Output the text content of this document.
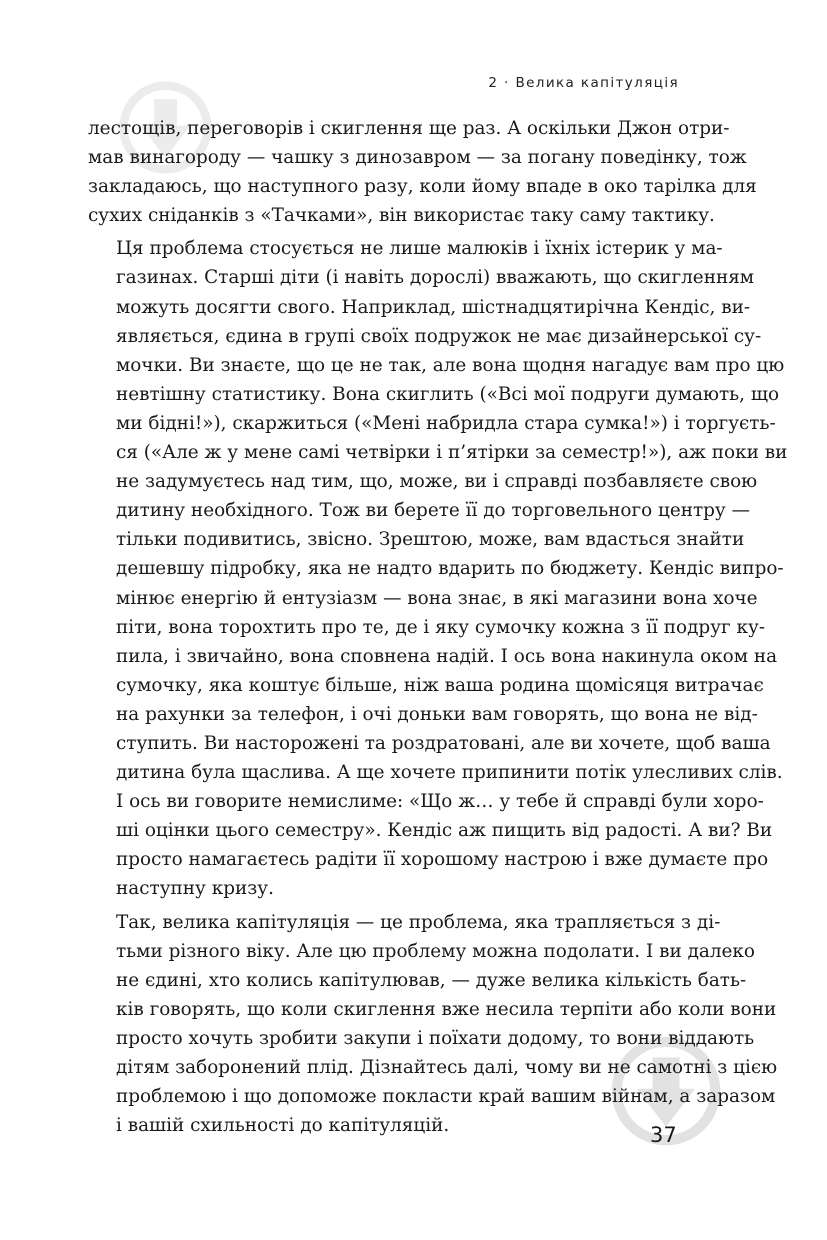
2 · Велика капітуляція

лестощів, переговорів і скиглення ще раз. А оскільки Джон отри-
мав винагороду — чашку з динозавром — за погану поведінку, тож
закладаюсь, що наступного разу, коли йому впаде в око тарілка для
сухих сніданків з «Тачками», він використає таку саму тактику.

Ця проблема стосується не лише малюків і їхніх істерик у ма-
газинах. Старші діти (і навіть дорослі) вважають, що скигленням
можуть досягти свого. Наприклад, шістнадцятирічна Кендіс, ви-
являється, єдина в групі своїх подружок не має дизайнерської су-
мочки. Ви знаєте, що це не так, але вона щодня нагадує вам про цю
невтішну статистику. Вона скиглить («Всі мої подруги думають, що
ми бідні!»), скаржиться («Мені набридла стара сумка!») і торгуєть-
ся («Але ж у мене самі четвірки і п’ятірки за семестр!»), аж поки ви
не задумуєтесь над тим, що, може, ви і справді позбавляєте свою
дитину необхідного. Тож ви берете її до торговельного центру —
тільки подивитись, звісно. Зрештою, може, вам вдасться знайти
дешевшу підробку, яка не надто вдарить по бюджету. Кендіс випро-
мінює енергію й ентузіазм — вона знає, в які магазини вона хоче
піти, вона торохтить про те, де і яку сумочку кожна з її подруг ку-
пила, і звичайно, вона сповнена надій. І ось вона накинула оком на
сумочку, яка коштує більше, ніж ваша родина щомісяця витрачає
на рахунки за телефон, і очі доньки вам говорять, що вона не від-
ступить. Ви насторожені та роздратовані, але ви хочете, щоб ваша
дитина була щаслива. А ще хочете припинити потік улесливих слів.
І ось ви говорите немислиме: «Що ж… у тебе й справді були хоро-
ші оцінки цього семестру». Кендіс аж пищить від радості. А ви? Ви
просто намагаєтесь радіти її хорошому настрою і вже думаєте про
наступну кризу.

Так, велика капітуляція — це проблема, яка трапляється з ді-
тьми різного віку. Але цю проблему можна подолати. І ви далеко
не єдині, хто колись капітулював, — дуже велика кількість бать-
ків говорять, що коли скиглення вже несила терпіти або коли вони
просто хочуть зробити закупи і поїхати додому, то вони віддають
дітям заборонений плід. Дізнайтесь далі, чому ви не самотні з цією
проблемою і що допоможе покласти край вашим війнам, а заразом
і вашій схильності до капітуляцій.	37
